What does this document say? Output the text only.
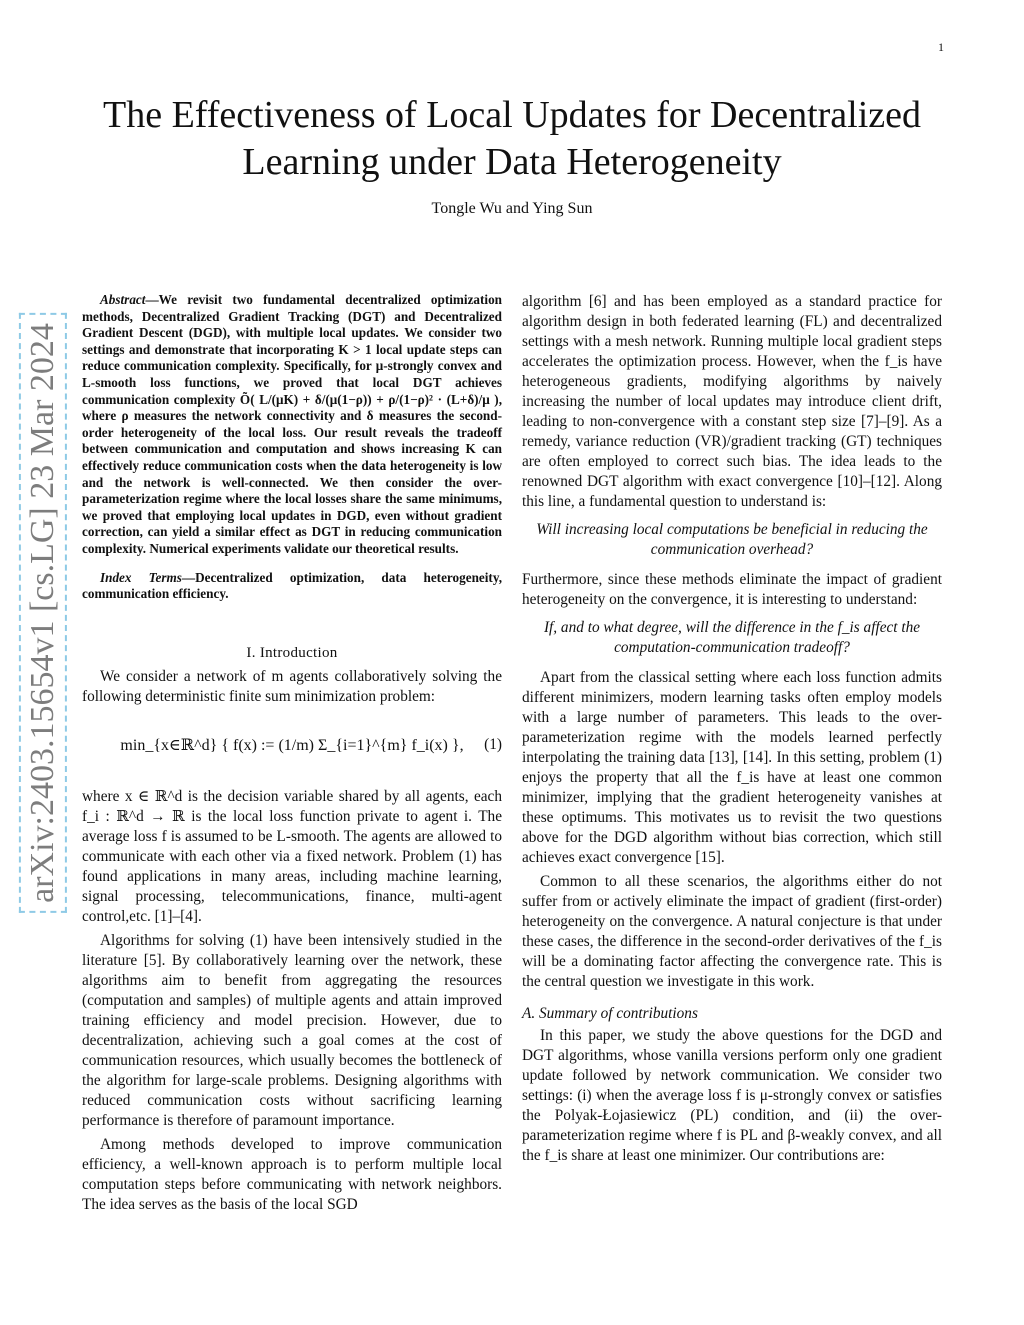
1
arXiv:2403.15654v1 [cs.LG] 23 Mar 2024
The Effectiveness of Local Updates for Decentralized Learning under Data Heterogeneity
Tongle Wu and Ying Sun

Abstract—We revisit two fundamental decentralized optimization methods, Decentralized Gradient Tracking (DGT) and Decentralized Gradient Descent (DGD), with multiple local updates. We consider two settings and demonstrate that incorporating K > 1 local update steps can reduce communication complexity. Specifically, for μ-strongly convex and L-smooth loss functions, we proved that local DGT achieves communication complexity Õ( L/(μK) + δ/(μ(1−ρ)) + ρ/(1−ρ)² · (L+δ)/μ ), where ρ measures the network connectivity and δ measures the second-order heterogeneity of the local loss. Our result reveals the tradeoff between communication and computation and shows increasing K can effectively reduce communication costs when the data heterogeneity is low and the network is well-connected. We then consider the over-parameterization regime where the local losses share the same minimums, we proved that employing local updates in DGD, even without gradient correction, can yield a similar effect as DGT in reducing communication complexity. Numerical experiments validate our theoretical results.

Index Terms—Decentralized optimization, data heterogeneity, communication efficiency.

I. Introduction

We consider a network of m agents collaboratively solving the following deterministic finite sum minimization problem:

min_{x∈ℝ^d} { f(x) := (1/m) Σ_{i=1}^{m} f_i(x) }, (1)

where x ∈ ℝ^d is the decision variable shared by all agents, each f_i : ℝ^d → ℝ is the local loss function private to agent i. The average loss f is assumed to be L-smooth. The agents are allowed to communicate with each other via a fixed network. Problem (1) has found applications in many areas, including machine learning, signal processing, telecommunications, finance, multi-agent control,etc. [1]–[4].

Algorithms for solving (1) have been intensively studied in the literature [5]. By collaboratively learning over the network, these algorithms aim to benefit from aggregating the resources (computation and samples) of multiple agents and attain improved training efficiency and model precision. However, due to decentralization, achieving such a goal comes at the cost of communication resources, which usually becomes the bottleneck of the algorithm for large-scale problems. Designing algorithms with reduced communication costs without sacrificing learning performance is therefore of paramount importance.

Among methods developed to improve communication efficiency, a well-known approach is to perform multiple local computation steps before communicating with network neighbors. The idea serves as the basis of the local SGD

algorithm [6] and has been employed as a standard practice for algorithm design in both federated learning (FL) and decentralized settings with a mesh network. Running multiple local gradient steps accelerates the optimization process. However, when the f_is have heterogeneous gradients, modifying algorithms by naively increasing the number of local updates may introduce client drift, leading to non-convergence with a constant step size [7]–[9]. As a remedy, variance reduction (VR)/gradient tracking (GT) techniques are often employed to correct such bias. The idea leads to the renowned DGT algorithm with exact convergence [10]–[12]. Along this line, a fundamental question to understand is:

Will increasing local computations be beneficial in reducing the communication overhead?

Furthermore, since these methods eliminate the impact of gradient heterogeneity on the convergence, it is interesting to understand:

If, and to what degree, will the difference in the f_is affect the computation-communication tradeoff?

Apart from the classical setting where each loss function admits different minimizers, modern learning tasks often employ models with a large number of parameters. This leads to the over-parameterization regime with the models learned perfectly interpolating the training data [13], [14]. In this setting, problem (1) enjoys the property that all the f_is have at least one common minimizer, implying that the gradient heterogeneity vanishes at these optimums. This motivates us to revisit the two questions above for the DGD algorithm without bias correction, which still achieves exact convergence [15].

Common to all these scenarios, the algorithms either do not suffer from or actively eliminate the impact of gradient (first-order) heterogeneity on the convergence. A natural conjecture is that under these cases, the difference in the second-order derivatives of the f_is will be a dominating factor affecting the convergence rate. This is the central question we investigate in this work.

A. Summary of contributions

In this paper, we study the above questions for the DGD and DGT algorithms, whose vanilla versions perform only one gradient update followed by network communication. We consider two settings: (i) when the average loss f is μ-strongly convex or satisfies the Polyak-Łojasiewicz (PL) condition, and (ii) the over-parameterization regime where f is PL and β-weakly convex, and all the f_is share at least one minimizer. Our contributions are:
